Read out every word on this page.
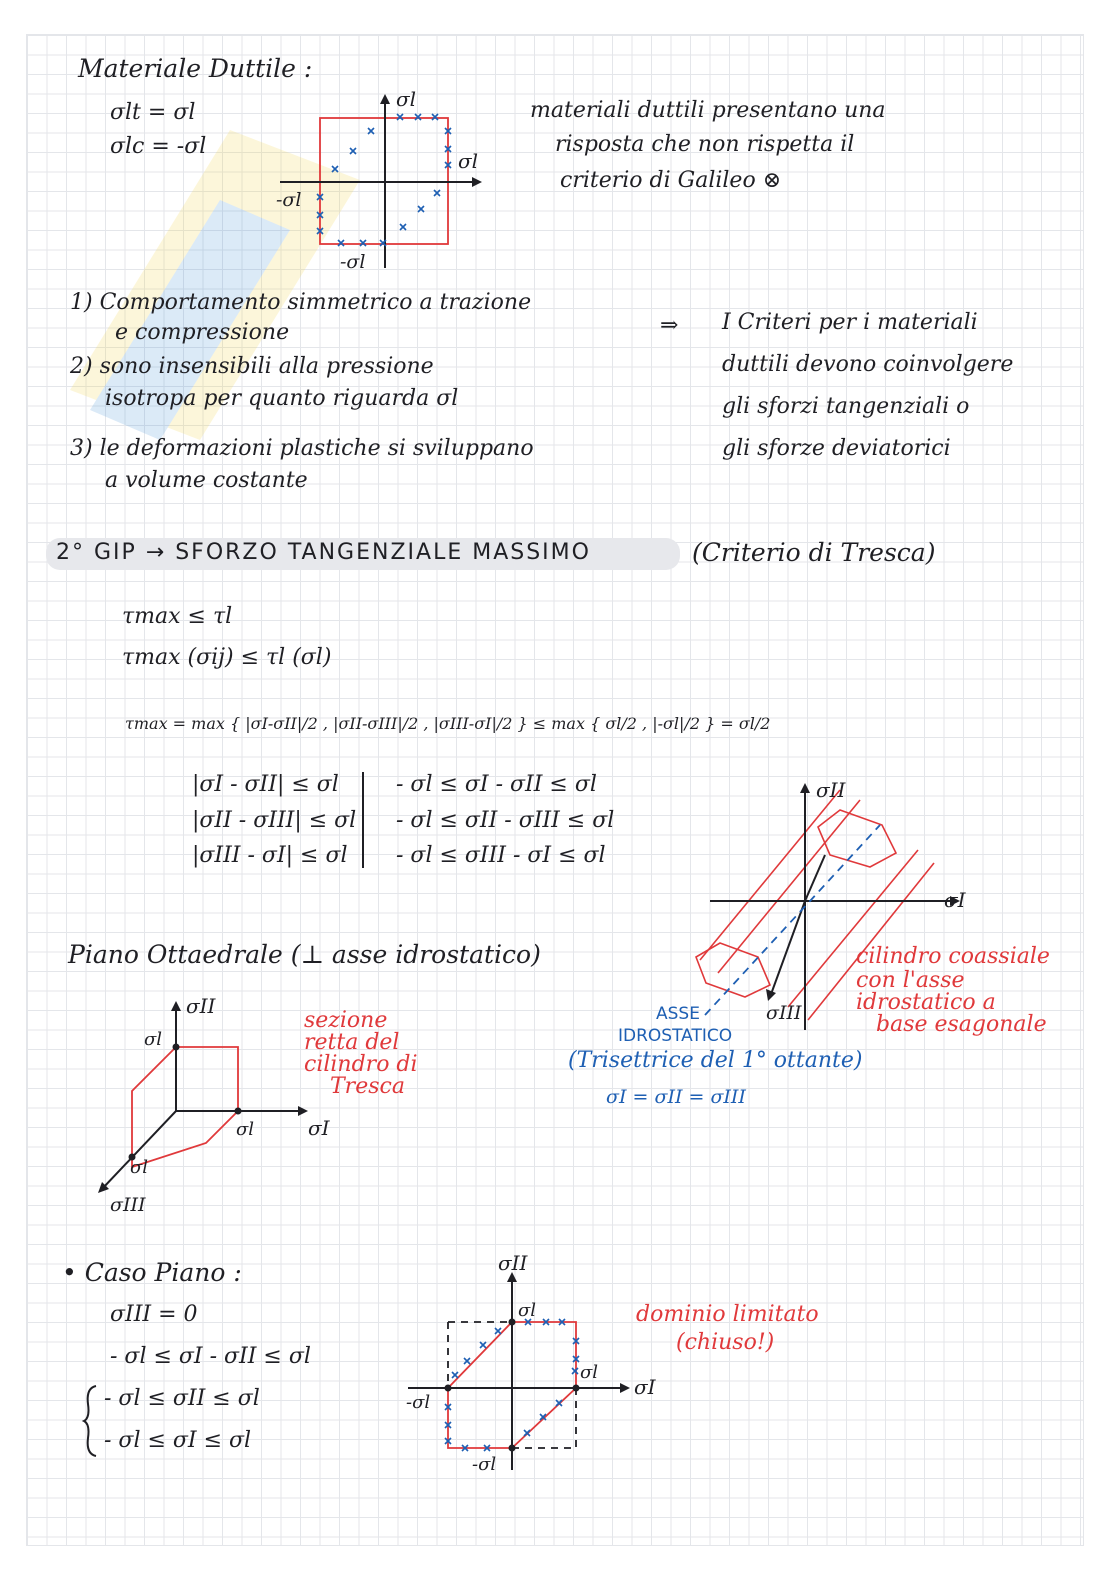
Materiale Duttile :
σlt = σl
σlc = -σl
σl
σl
-σl
-σl
materiali duttili presentano una
risposta che non rispetta il
criterio di Galileo ⊗
1) Comportamento simmetrico a trazione
e compressione
2) sono insensibili alla pressione
isotropa per quanto riguarda σl
3) le deformazioni plastiche si sviluppano
a volume costante
⇒ I Criteri per i materiali
duttili devono coinvolgere
gli sforzi tangenziali o
gli sforze deviatorici
2° GIP → SFORZO TANGENZIALE MASSIMO	(Criterio di Tresca)
τmax ≤ τl
τmax (σij) ≤ τl (σl)
τmax = max { |σI-σII|/2 , |σII-σIII|/2 , |σIII-σI|/2 } ≤ max { σl/2 , |-σl|/2 } = σl/2
|σI - σII| ≤ σl
|σII - σIII| ≤ σl
|σIII - σI| ≤ σl
- σl ≤ σI - σII ≤ σl
- σl ≤ σII - σIII ≤ σl
- σl ≤ σIII - σI ≤ σl
σII
σI
σIII
ASSE
IDROSTATICO
(Trisettrice del 1° ottante)
σI = σII = σIII
cilindro coassiale
con l'asse
idrostatico a
base esagonale
Piano Ottaedrale (⊥ asse idrostatico)
σII
σI
σIII
σl
σl
σl
sezione
retta del
cilindro di
Tresca
• Caso Piano :
σIII = 0
- σl ≤ σI - σII ≤ σl
- σl ≤ σII ≤ σl
- σl ≤ σI ≤ σl
σII
σI
σl
σl
-σl
-σl
dominio limitato
(chiuso!)
